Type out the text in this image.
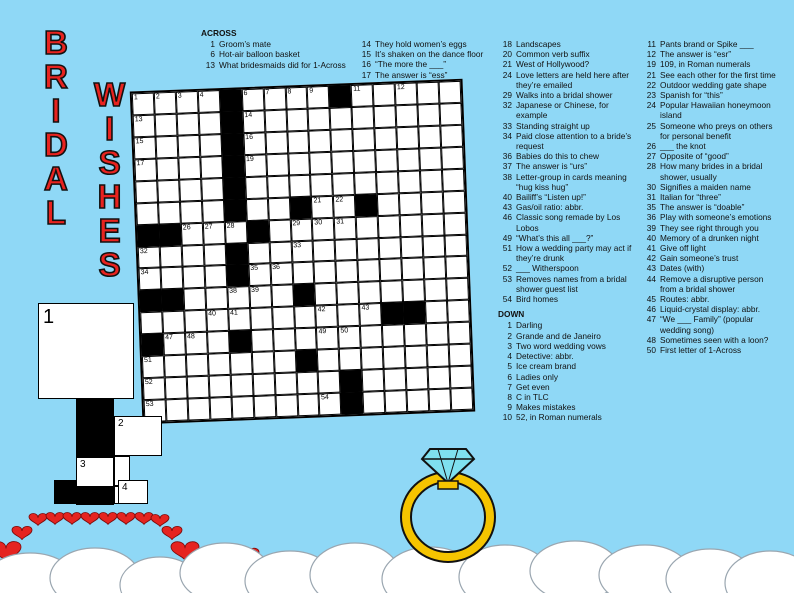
B
R
I
D
A
L
W
I
S
H
E
S
1	2	3	4	6	7	8	9	11	12
13
14
15
16
17
19
21 22
26 27 28	29 30 31
32
33
34
35 36
38 39
40 41	42	43
47 48
49 50
51
52
53
54
ACROSS
1 Groom’s mate
6 Hot-air balloon basket
13 What bridesmaids did for 1-Across
14 They hold women’s eggs
15 It’s shaken on the dance floor
16 “The more the ___”
17 The answer is “ess”
18 Landscapes
20 Common verb suffix
21 West of Hollywood?
24 Love letters are held here after they’re emailed
29 Walks into a bridal shower
32 Japanese or Chinese, for example
33 Standing straight up
34 Paid close attention to a bride’s request
36 Babies do this to chew
37 The answer is “urs”
38 Letter-group in cards meaning “hug kiss hug”
40 Bailiff’s “Listen up!”
43 Gas/oil ratio: abbr.
46 Classic song remade by Los Lobos
49 “What’s this all ___?”
51 How a wedding party may act if they’re drunk
52 ___ Witherspoon
53 Removes names from a bridal shower guest list
54 Bird homes
DOWN
1 Darling
2 Grande and de Janeiro
3 Two word wedding vows
4 Detective: abbr.
5 Ice cream brand
6 Ladies only
7 Get even
8 C in TLC
9 Makes mistakes
10 52, in Roman numerals
11 Pants brand or Spike ___
12 The answer is “esr”
19 109, in Roman numerals
21 See each other for the first time
22 Outdoor wedding gate shape
23 Spanish for “this”
24 Popular Hawaiian honeymoon island
25 Someone who preys on others for personal benefit
26 ___ the knot
27 Opposite of “good”
28 How many brides in a bridal shower, usually
30 Signifies a maiden name
31 Italian for “three”
35 The answer is “doable”
36 Play with someone’s emotions
39 They see right through you
40 Memory of a drunken night
41 Give off light
42 Gain someone’s trust
43 Dates (with)
44 Remove a disruptive person from a bridal shower
45 Routes: abbr.
46 Liquid-crystal display: abbr.
47 “We ___ Family” (popular wedding song)
48 Sometimes seen with a loon?
50 First letter of 1-Across
1
2
3
4
